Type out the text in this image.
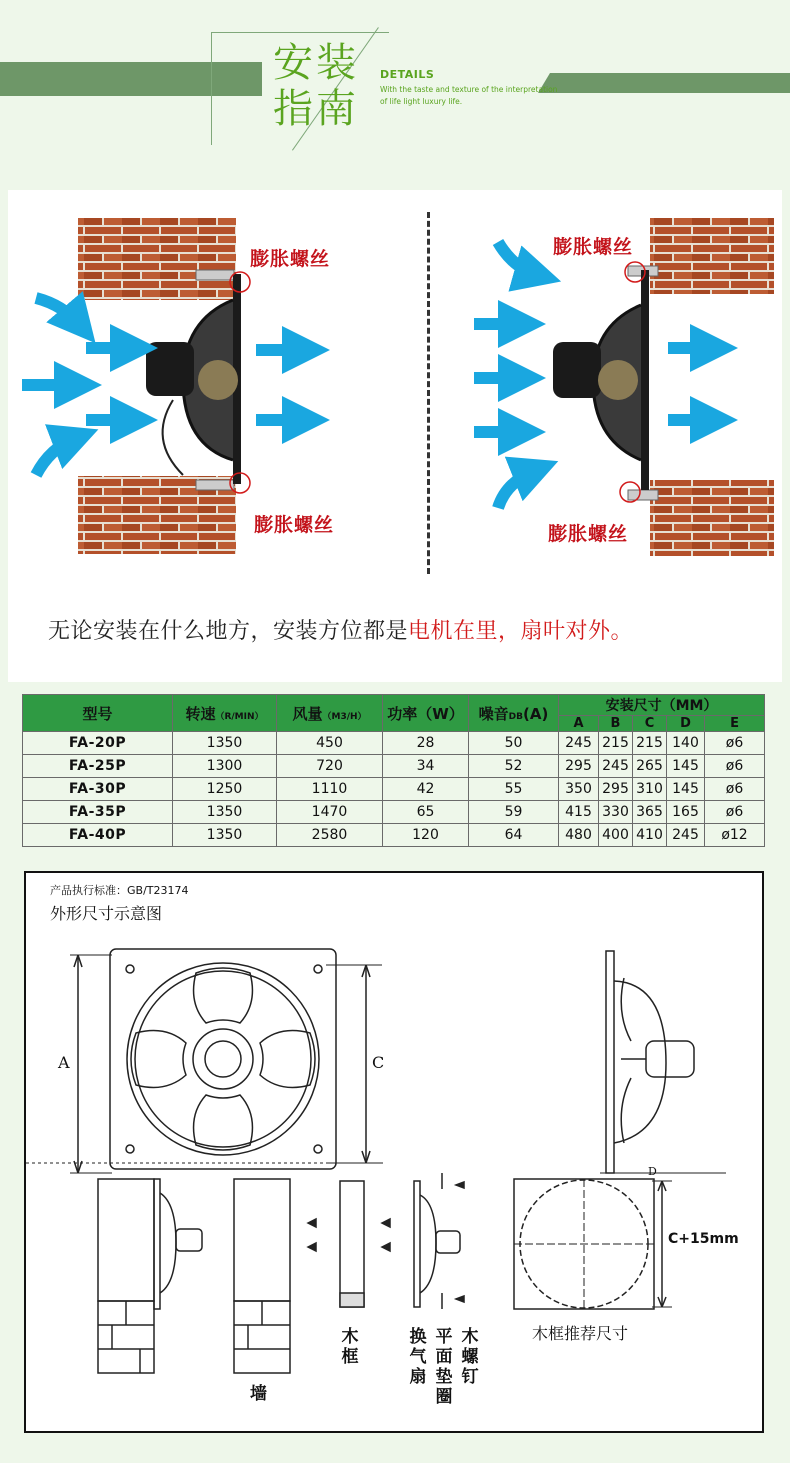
安装
指南
DETAILS
With the taste and texture of the interpretation of life light luxury life.
膨胀螺丝
膨胀螺丝
膨胀螺丝
膨胀螺丝
无论安装在什么地方，安装方位都是电机在里，扇叶对外。
型号	转速（R/MIN）	风量（M3/H）	功率（W）	噪音DB(A)	安装尺寸（MM）				
					A	B	C	D	E
FA-20P	1350	450	28	50	245	215	215	140	ø6
FA-25P	1300	720	34	52	295	245	265	145	ø6
FA-30P	1250	1110	42	55	350	295	310	145	ø6
FA-35P	1350	1470	65	59	415	330	365	165	ø6
FA-40P	1350	2580	120	64	480	400	410	245	ø12
产品执行标准：GB/T23174
外形尺寸示意图
A	C
D
C+15mm
墙
木框
换气扇
平面垫圈
木螺钉
木框推荐尺寸
